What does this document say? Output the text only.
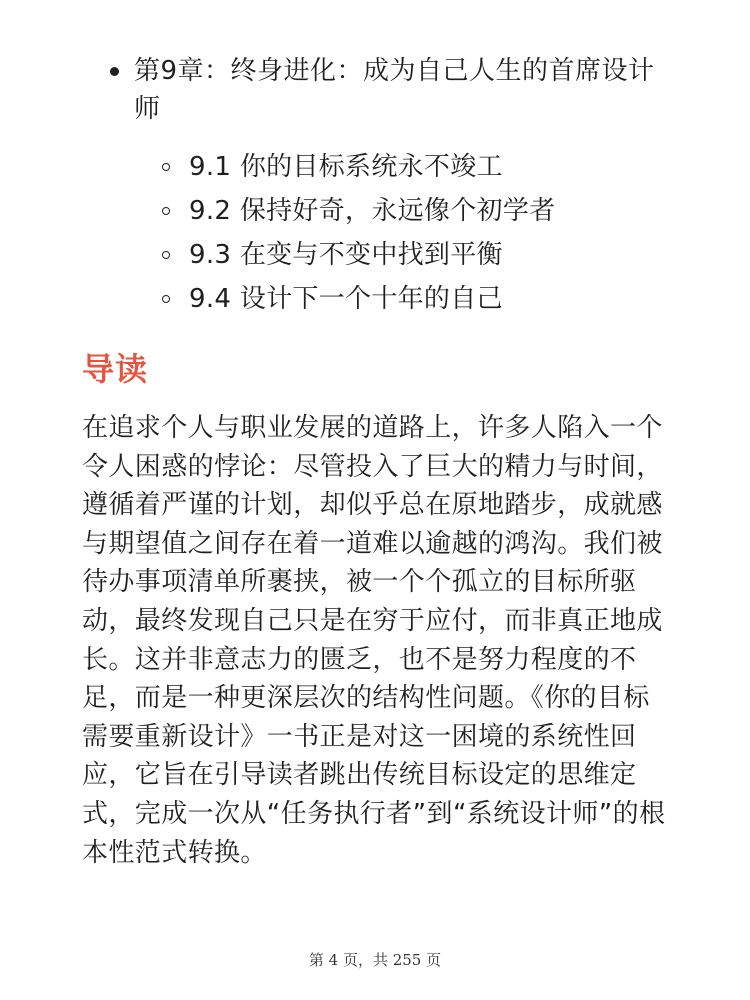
第9章：终身进化：成为自己人生的首席设计师
9.1 你的目标系统永不竣工
9.2 保持好奇，永远像个初学者
9.3 在变与不变中找到平衡
9.4 设计下一个十年的自己
导读

在追求个人与职业发展的道路上，许多人陷入一个令人困惑的悖论：尽管投入了巨大的精力与时间，遵循着严谨的计划，却似乎总在原地踏步，成就感与期望值之间存在着一道难以逾越的鸿沟。我们被待办事项清单所裹挟，被一个个孤立的目标所驱动，最终发现自己只是在穷于应付，而非真正地成长。这并非意志力的匮乏，也不是努力程度的不足，而是一种更深层次的结构性问题。《你的目标需要重新设计》一书正是对这一困境的系统性回应，它旨在引导读者跳出传统目标设定的思维定式，完成一次从“任务执行者”到“系统设计师”的根本性范式转换。

第 4 页，共 255 页
